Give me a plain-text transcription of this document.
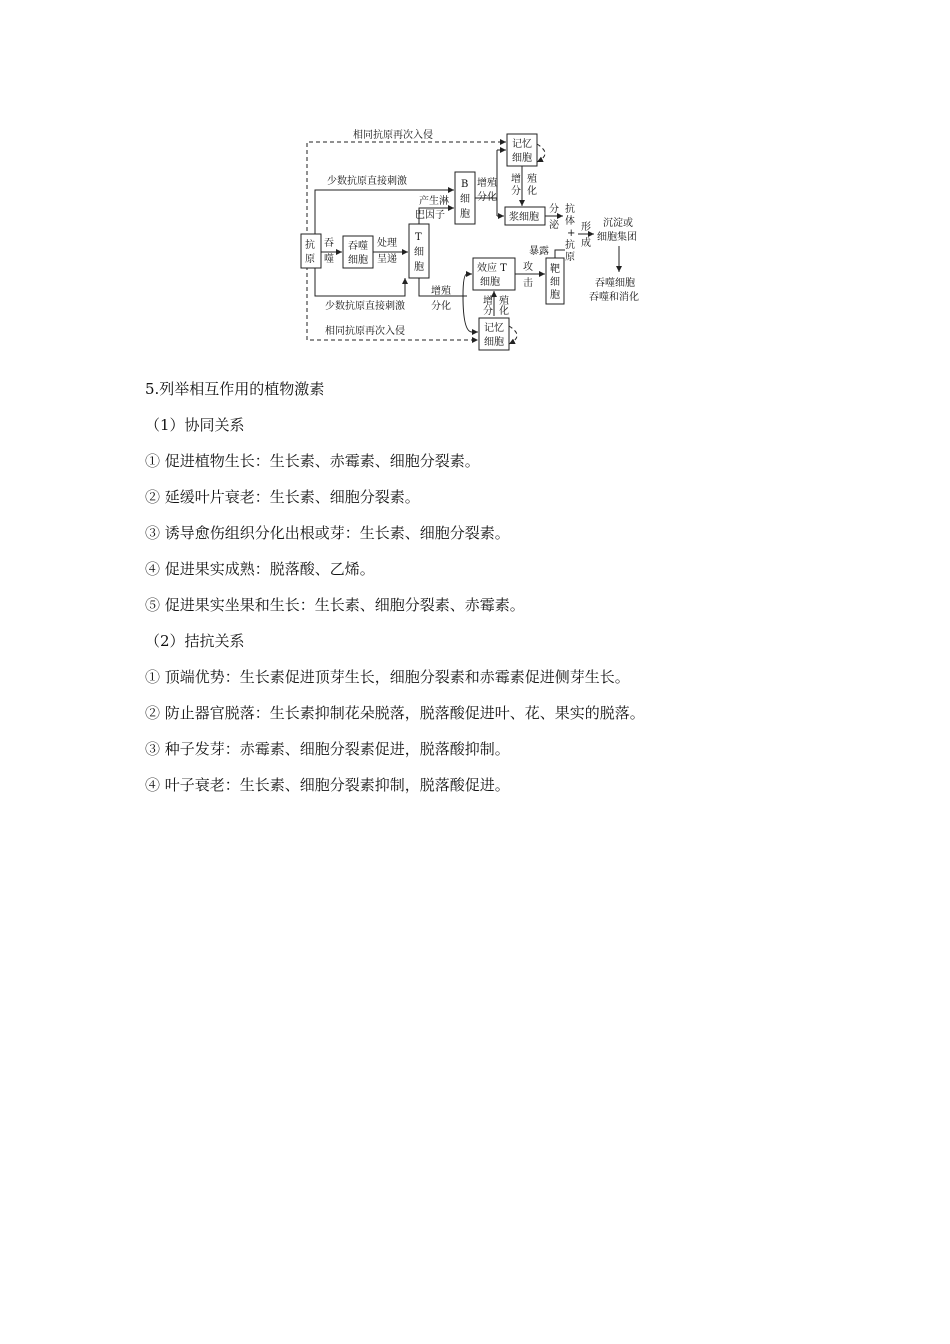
相同抗原再次入侵
相同抗原再次入侵
抗
原
少数抗原直接刺激
少数抗原直接刺激
吞
噬
吞噬
细胞
处理
呈递
T
细
胞
产生淋
巴因子
B
细
胞
增殖
分化
记忆
细胞
增 殖
分 化
浆细胞
分
泌
抗
体
+
抗
原
形
成
沉淀或
细胞集团
吞噬细胞
吞噬和消化
增殖
分化
效应 T
细胞
攻
击
靶
细
胞
暴露
增 殖
分 化
记忆
细胞
5.列举相互作用的植物激素
（1）协同关系
① 促进植物生长：生长素、赤霉素、细胞分裂素。
② 延缓叶片衰老：生长素、细胞分裂素。
③ 诱导愈伤组织分化出根或芽：生长素、细胞分裂素。
④ 促进果实成熟：脱落酸、乙烯。
⑤ 促进果实坐果和生长：生长素、细胞分裂素、赤霉素。
（2）拮抗关系
① 顶端优势：生长素促进顶芽生长，细胞分裂素和赤霉素促进侧芽生长。
② 防止器官脱落：生长素抑制花朵脱落，脱落酸促进叶、花、果实的脱落。
③ 种子发芽：赤霉素、细胞分裂素促进，脱落酸抑制。
④ 叶子衰老：生长素、细胞分裂素抑制，脱落酸促进。
